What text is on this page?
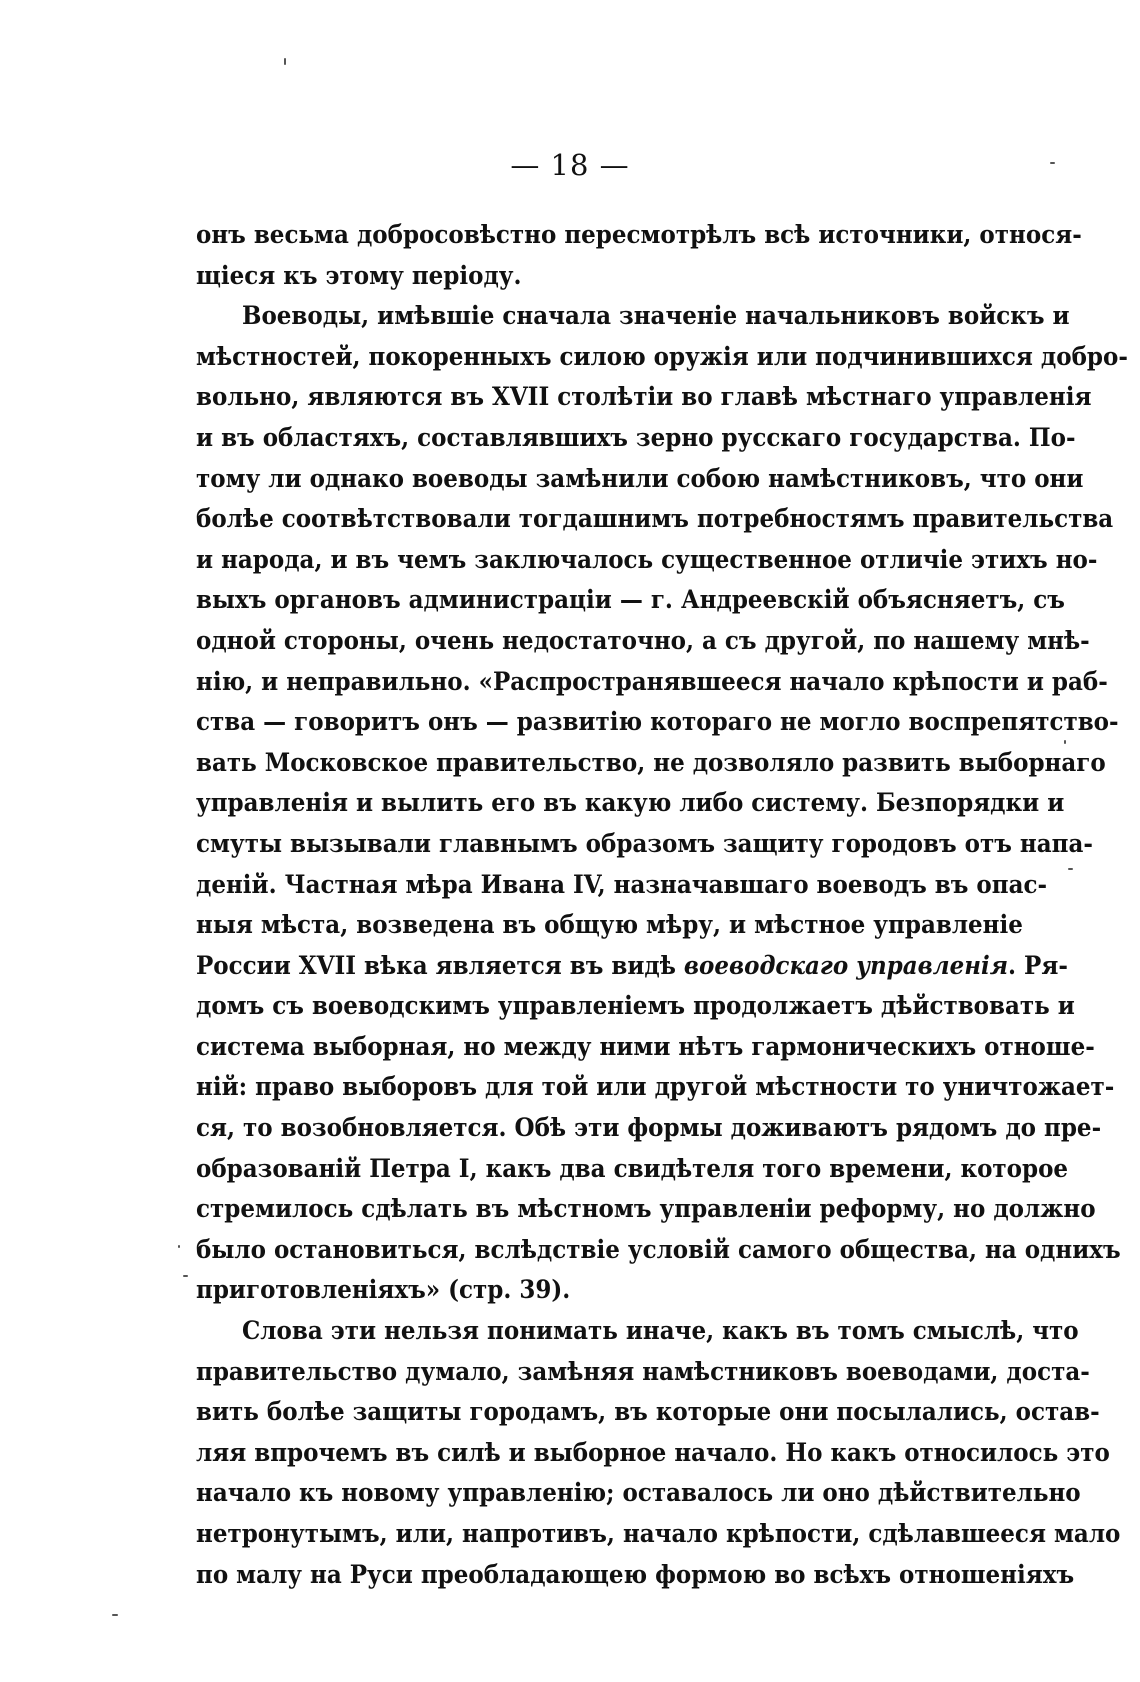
— 18 —
онъ весьма добросовѣстно пересмотрѣлъ всѣ источники, относя-
щіеся къ этому періоду.
Воеводы, имѣвшіе сначала значеніе начальниковъ войскъ и
мѣстностей, покоренныхъ силою оружія или подчинившихся добро-
вольно, являются въ XVII столѣтіи во главѣ мѣстнаго управленія
и въ областяхъ, составлявшихъ зерно русскаго государства. По-
тому ли однако воеводы замѣнили собою намѣстниковъ, что они
болѣе соотвѣтствовали тогдашнимъ потребностямъ правительства
и народа, и въ чемъ заключалось существенное отличіе этихъ но-
выхъ органовъ администраціи — г. Андреевскій объясняетъ, съ
одной стороны, очень недостаточно, а съ другой, по нашему мнѣ-
нію, и неправильно. «Распространявшееся начало крѣпости и раб-
ства — говоритъ онъ — развитію котораго не могло воспрепятство-
вать Московское правительство, не дозволяло развить выборнаго
управленія и вылить его въ какую либо систему. Безпорядки и
смуты вызывали главнымъ образомъ защиту городовъ отъ напа-
деній. Частная мѣра Ивана IV, назначавшаго воеводъ въ опас-
ныя мѣста, возведена въ общую мѣру, и мѣстное управленіе
России XVII вѣка является въ видѣ воеводскаго управленія. Ря-
домъ съ воеводскимъ управленіемъ продолжаетъ дѣйствовать и
система выборная, но между ними нѣтъ гармоническихъ отноше-
ній: право выборовъ для той или другой мѣстности то уничтожает-
ся, то возобновляется. Обѣ эти формы доживаютъ рядомъ до пре-
образованій Петра I, какъ два свидѣтеля того времени, которое
стремилось сдѣлать въ мѣстномъ управленіи реформу, но должно
было остановиться, вслѣдствіе условій самого общества, на однихъ
приготовленіяхъ» (стр. 39).
Слова эти нельзя понимать иначе, какъ въ томъ смыслѣ, что
правительство думало, замѣняя намѣстниковъ воеводами, доста-
вить болѣе защиты городамъ, въ которые они посылались, остав-
ляя впрочемъ въ силѣ и выборное начало. Но какъ относилось это
начало къ новому управленію; оставалось ли оно дѣйствительно
нетронутымъ, или, напротивъ, начало крѣпости, сдѣлавшееся мало
по малу на Руси преобладающею формою во всѣхъ отношеніяхъ
